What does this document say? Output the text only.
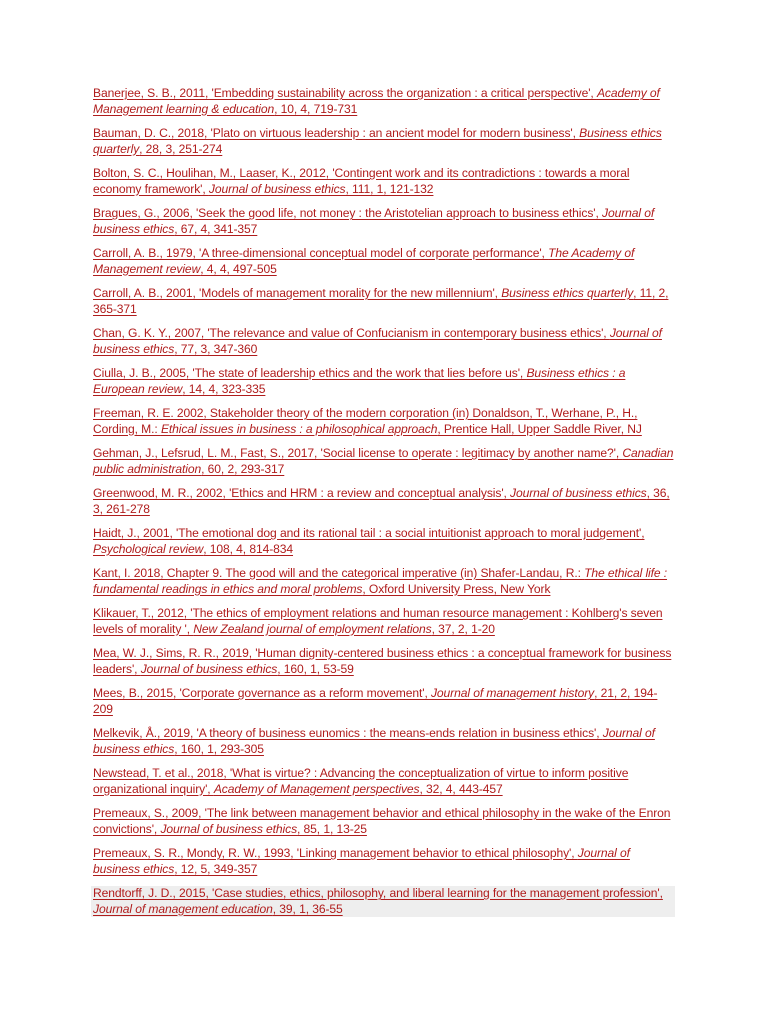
Banerjee, S. B., 2011, 'Embedding sustainability across the organization : a critical perspective', Academy of Management learning & education, 10, 4, 719-731
Bauman, D. C., 2018, 'Plato on virtuous leadership : an ancient model for modern business', Business ethics quarterly, 28, 3, 251-274
Bolton, S. C., Houlihan, M., Laaser, K., 2012, 'Contingent work and its contradictions : towards a moral economy framework', Journal of business ethics, 111, 1, 121-132
Bragues, G., 2006, 'Seek the good life, not money : the Aristotelian approach to business ethics', Journal of business ethics, 67, 4, 341-357
Carroll, A. B., 1979, 'A three-dimensional conceptual model of corporate performance', The Academy of Management review, 4, 4, 497-505
Carroll, A. B., 2001, 'Models of management morality for the new millennium', Business ethics quarterly, 11, 2, 365-371
Chan, G. K. Y., 2007, 'The relevance and value of Confucianism in contemporary business ethics', Journal of business ethics, 77, 3, 347-360
Ciulla, J. B., 2005, 'The state of leadership ethics and the work that lies before us', Business ethics : a European review, 14, 4, 323-335
Freeman, R. E. 2002, Stakeholder theory of the modern corporation (in) Donaldson, T., Werhane, P., H., Cording, M.: Ethical issues in business : a philosophical approach, Prentice Hall, Upper Saddle River, NJ
Gehman, J., Lefsrud, L. M., Fast, S., 2017, 'Social license to operate : legitimacy by another name?', Canadian public administration, 60, 2, 293-317
Greenwood, M. R., 2002, 'Ethics and HRM : a review and conceptual analysis', Journal of business ethics, 36, 3, 261-278
Haidt, J., 2001, 'The emotional dog and its rational tail : a social intuitionist approach to moral judgement', Psychological review, 108, 4, 814-834
Kant, I. 2018, Chapter 9. The good will and the categorical imperative (in) Shafer-Landau, R.: The ethical life : fundamental readings in ethics and moral problems, Oxford University Press, New York
Klikauer, T., 2012, 'The ethics of employment relations and human resource management : Kohlberg's seven levels of morality ', New Zealand journal of employment relations, 37, 2, 1-20
Mea, W. J., Sims, R. R., 2019, 'Human dignity-centered business ethics : a conceptual framework for business leaders', Journal of business ethics, 160, 1, 53-59
Mees, B., 2015, 'Corporate governance as a reform movement', Journal of management history, 21, 2, 194-209
Melkevik, Å., 2019, 'A theory of business eunomics : the means-ends relation in business ethics', Journal of business ethics, 160, 1, 293-305
Newstead, T. et al., 2018, 'What is virtue? : Advancing the conceptualization of virtue to inform positive organizational inquiry', Academy of Management perspectives, 32, 4, 443-457
Premeaux, S., 2009, 'The link between management behavior and ethical philosophy in the wake of the Enron convictions', Journal of business ethics, 85, 1, 13-25
Premeaux, S. R., Mondy, R. W., 1993, 'Linking management behavior to ethical philosophy', Journal of business ethics, 12, 5, 349-357
Rendtorff, J. D., 2015, 'Case studies, ethics, philosophy, and liberal learning for the management profession', Journal of management education, 39, 1, 36-55
